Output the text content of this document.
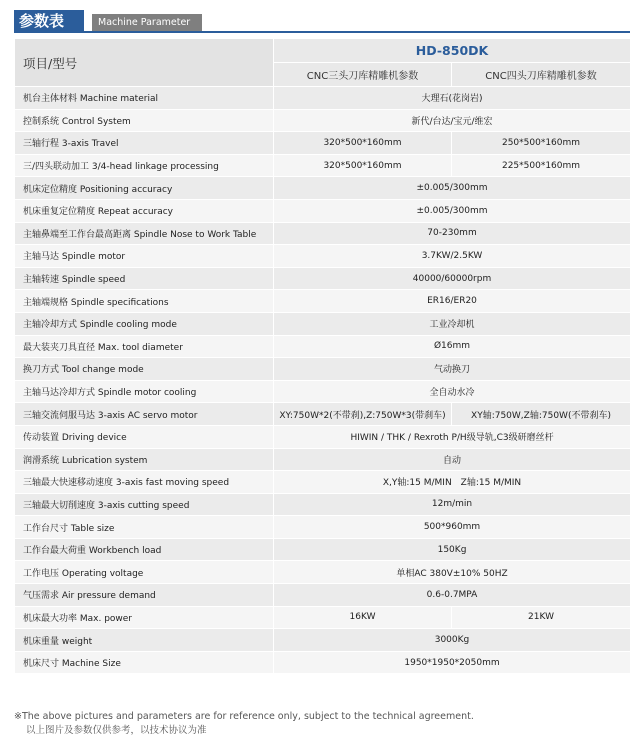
参数表	Machine Parameter
项目/型号	HD-850DK	
	CNC三头刀库精雕机参数	CNC四头刀库精雕机参数
机台主体材料 Machine material	大理石(花岗岩)	
控制系统 Control System	新代/台达/宝元/维宏	
三轴行程 3-axis Travel	320*500*160mm	250*500*160mm
三/四头联动加工 3/4-head linkage processing	320*500*160mm	225*500*160mm
机床定位精度 Positioning accuracy	±0.005/300mm	
机床重复定位精度 Repeat accuracy	±0.005/300mm	
主轴鼻端至工作台最高距离 Spindle Nose to Work Table	70-230mm	
主轴马达 Spindle motor	3.7KW/2.5KW	
主轴转速 Spindle speed	40000/60000rpm	
主轴端规格 Spindle specifications	ER16/ER20	
主轴冷却方式 Spindle cooling mode	工业冷却机	
最大装夹刀具直径 Max. tool diameter	Ø16mm	
换刀方式 Tool change mode	气动换刀	
主轴马达冷却方式 Spindle motor cooling	全自动水冷	
三轴交流伺服马达 3-axis AC servo motor	XY:750W*2(不带刹),Z:750W*3(带刹车)	XY轴:750W,Z轴:750W(不带刹车)
传动装置 Driving device	HIWIN / THK / Rexroth P/H级导轨,C3级研磨丝杆	
润滑系统 Lubrication system	自动	
三轴最大快速移动速度 3-axis fast moving speed	X,Y轴:15 M/MIN　Z轴:15 M/MIN	
三轴最大切削速度 3-axis cutting speed	12m/min	
工作台尺寸 Table size	500*960mm	
工作台最大荷重 Workbench load	150Kg	
工作电压 Operating voltage	单相AC 380V±10% 50HZ	
气压需求 Air pressure demand	0.6-0.7MPA	
机床最大功率 Max. power	16KW	21KW
机床重量 weight	3000Kg	
机床尺寸 Machine Size	1950*1950*2050mm	
※The above pictures and parameters are for reference only, subject to the technical agreement.
以上图片及参数仅供参考，以技术协议为准
